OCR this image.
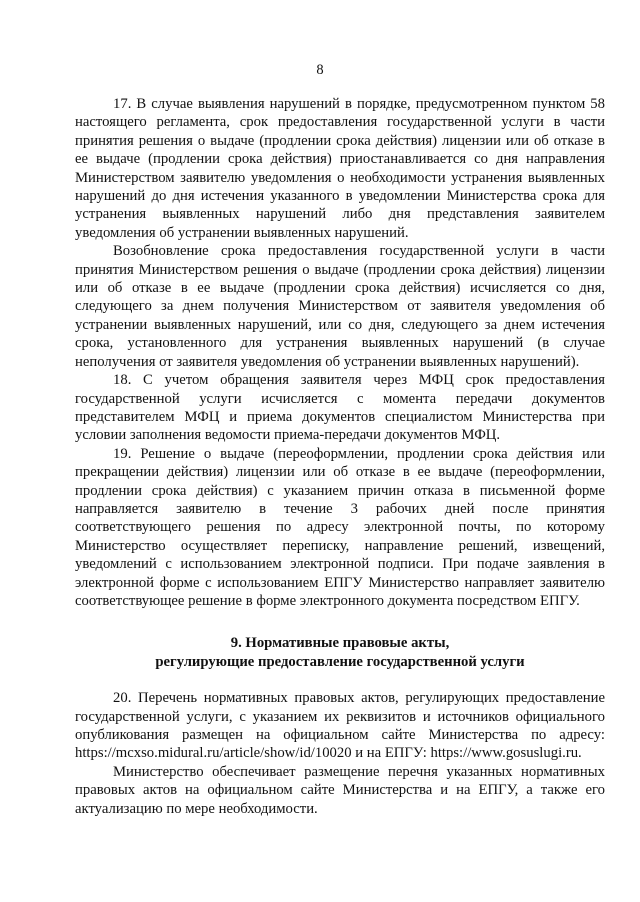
8

17. В случае выявления нарушений в порядке, предусмотренном пунктом 58 настоящего регламента, срок предоставления государственной услуги в части принятия решения о выдаче (продлении срока действия) лицензии или об отказе в ее выдаче (продлении срока действия) приостанавливается со дня направления Министерством заявителю уведомления о необходимости устранения выявленных нарушений до дня истечения указанного в уведомлении Министерства срока для устранения выявленных нарушений либо дня представления заявителем уведомления об устранении выявленных нарушений.

Возобновление срока предоставления государственной услуги в части принятия Министерством решения о выдаче (продлении срока действия) лицензии или об отказе в ее выдаче (продлении срока действия) исчисляется со дня, следующего за днем получения Министерством от заявителя уведомления об устранении выявленных нарушений, или со дня, следующего за днем истечения срока, установленного для устранения выявленных нарушений (в случае неполучения от заявителя уведомления об устранении выявленных нарушений).

18. С учетом обращения заявителя через МФЦ срок предоставления государственной услуги исчисляется с момента передачи документов представителем МФЦ и приема документов специалистом Министерства при условии заполнения ведомости приема-передачи документов МФЦ.

19. Решение о выдаче (переоформлении, продлении срока действия или прекращении действия) лицензии или об отказе в ее выдаче (переоформлении, продлении срока действия) с указанием причин отказа в письменной форме направляется заявителю в течение 3 рабочих дней после принятия соответствующего решения по адресу электронной почты, по которому Министерство осуществляет переписку, направление решений, извещений, уведомлений с использованием электронной подписи. При подаче заявления в электронной форме с использованием ЕПГУ Министерство направляет заявителю соответствующее решение в форме электронного документа посредством ЕПГУ.

9. Нормативные правовые акты,
регулирующие предоставление государственной услуги

20. Перечень нормативных правовых актов, регулирующих предоставление государственной услуги, с указанием их реквизитов и источников официального опубликования размещен на официальном сайте Министерства по адресу: https://mcxso.midural.ru/article/show/id/10020 и на ЕПГУ: https://www.gosuslugi.ru.

Министерство обеспечивает размещение перечня указанных нормативных правовых актов на официальном сайте Министерства и на ЕПГУ, а также его актуализацию по мере необходимости.
